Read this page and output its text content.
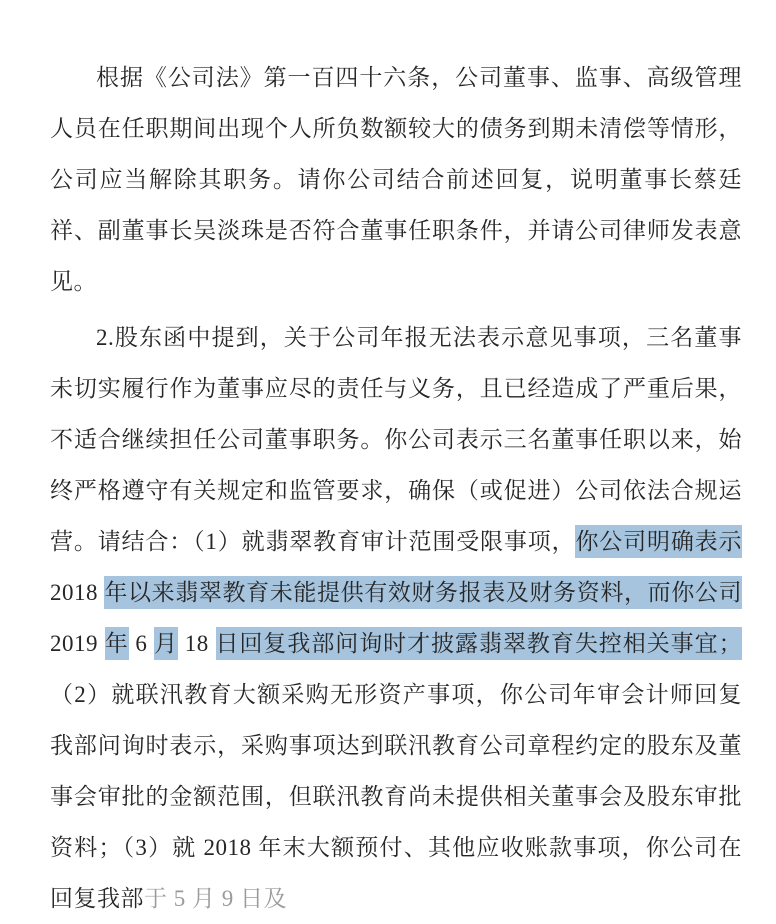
根据《公司法》第一百四十六条，公司董事、监事、高级管理人员在任职期间出现个人所负数额较大的债务到期未清偿等情形，公司应当解除其职务。请你公司结合前述回复，说明董事长蔡廷祥、副董事长吴淡珠是否符合董事任职条件，并请公司律师发表意见。

2.股东函中提到，关于公司年报无法表示意见事项，三名董事未切实履行作为董事应尽的责任与义务，且已经造成了严重后果，不适合继续担任公司董事职务。你公司表示三名董事任职以来，始终严格遵守有关规定和监管要求，确保（或促进）公司依法合规运营。请结合：（1）就翡翠教育审计范围受限事项，你公司明确表示 2018 年以来翡翠教育未能提供有效财务报表及财务资料，而你公司 2019 年 6 月 18 日回复我部问询时才披露翡翠教育失控相关事宜；（2）就联汛教育大额采购无形资产事项，你公司年审会计师回复我部问询时表示，采购事项达到联汛教育公司章程约定的股东及董事会审批的金额范围，但联汛教育尚未提供相关董事会及股东审批资料；（3）就 2018 年末大额预付、其他应收账款事项，你公司在回复我部于 5 月 9 日及
